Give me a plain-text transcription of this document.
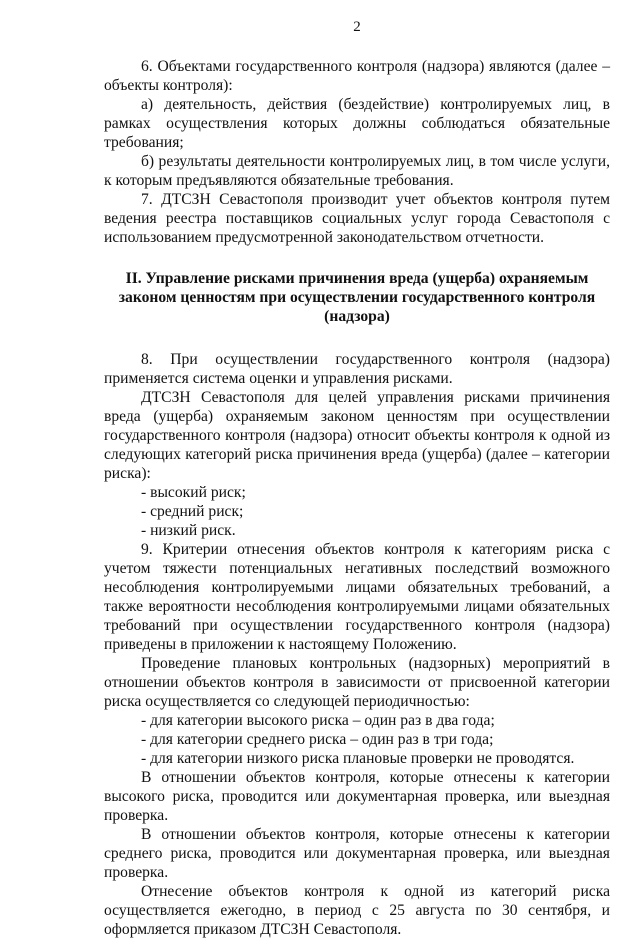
2

6. Объектами государственного контроля (надзора) являются (далее – объекты контроля):

а) деятельность, действия (бездействие) контролируемых лиц, в рамках осуществления которых должны соблюдаться обязательные требования;

б) результаты деятельности контролируемых лиц, в том числе услуги, к которым предъявляются обязательные требования.

7. ДТСЗН Севастополя производит учет объектов контроля путем ведения реестра поставщиков социальных услуг города Севастополя с использованием предусмотренной законодательством отчетности.

II. Управление рисками причинения вреда (ущерба) охраняемым законом ценностям при осуществлении государственного контроля (надзора)

8. При осуществлении государственного контроля (надзора) применяется система оценки и управления рисками.

ДТСЗН Севастополя для целей управления рисками причинения вреда (ущерба) охраняемым законом ценностям при осуществлении государственного контроля (надзора) относит объекты контроля к одной из следующих категорий риска причинения вреда (ущерба) (далее – категории риска):

- высокий риск;

- средний риск;

- низкий риск.

9. Критерии отнесения объектов контроля к категориям риска с учетом тяжести потенциальных негативных последствий возможного несоблюдения контролируемыми лицами обязательных требований, а также вероятности несоблюдения контролируемыми лицами обязательных требований при осуществлении государственного контроля (надзора) приведены в приложении к настоящему Положению.

Проведение плановых контрольных (надзорных) мероприятий в отношении объектов контроля в зависимости от присвоенной категории риска осуществляется со следующей периодичностью:

- для категории высокого риска – один раз в два года;

- для категории среднего риска – один раз в три года;

- для категории низкого риска плановые проверки не проводятся.

В отношении объектов контроля, которые отнесены к категории высокого риска, проводится или документарная проверка, или выездная проверка.

В отношении объектов контроля, которые отнесены к категории среднего риска, проводится или документарная проверка, или выездная проверка.

Отнесение объектов контроля к одной из категорий риска осуществляется ежегодно, в период с 25 августа по 30 сентября, и оформляется приказом ДТСЗН Севастополя.
